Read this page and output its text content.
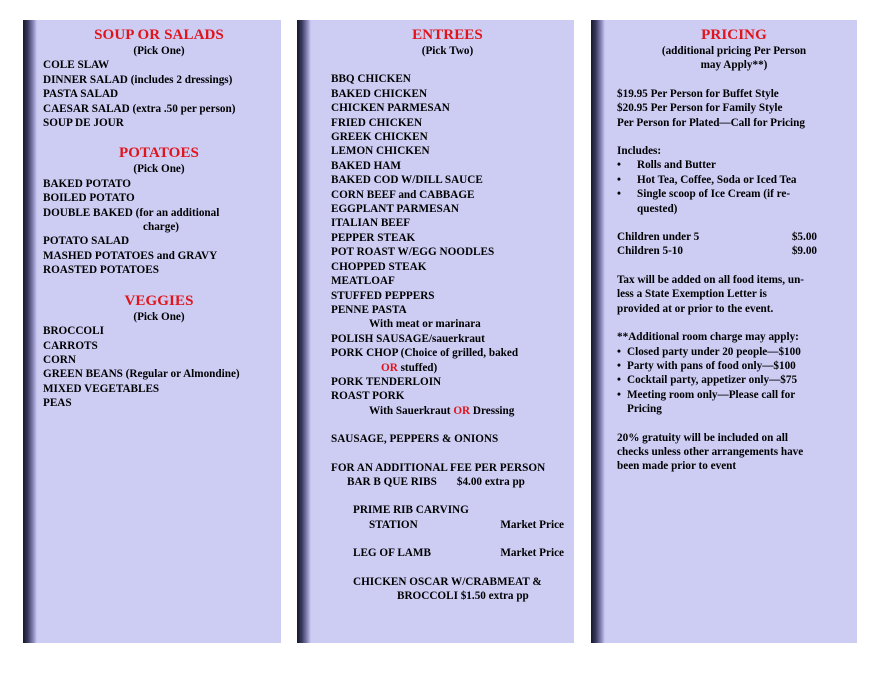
SOUP OR SALADS
(Pick One)
COLE SLAW
DINNER SALAD (includes 2 dressings)
PASTA SALAD
CAESAR SALAD (extra .50 per person)
SOUP DE JOUR
POTATOES
(Pick One)
BAKED POTATO
BOILED POTATO
DOUBLE BAKED (for an additional
charge)
POTATO SALAD
MASHED POTATOES and GRAVY
ROASTED POTATOES
VEGGIES
(Pick One)
BROCCOLI
CARROTS
CORN
GREEN BEANS (Regular or Almondine)
MIXED VEGETABLES
PEAS
ENTREES
(Pick Two)
BBQ CHICKEN
BAKED CHICKEN
CHICKEN PARMESAN
FRIED CHICKEN
GREEK CHICKEN
LEMON CHICKEN
BAKED HAM
BAKED COD W/DILL SAUCE
CORN BEEF and CABBAGE
EGGPLANT PARMESAN
ITALIAN BEEF
PEPPER STEAK
POT ROAST W/EGG NOODLES
CHOPPED STEAK
MEATLOAF
STUFFED PEPPERS
PENNE PASTA
With meat or marinara
POLISH SAUSAGE/sauerkraut
PORK CHOP (Choice of grilled, baked
OR stuffed)
PORK TENDERLOIN
ROAST PORK
With Sauerkraut OR Dressing
SAUSAGE, PEPPERS & ONIONS
FOR AN ADDITIONAL FEE PER PERSON
BAR B QUE RIBS	$4.00 extra pp
PRIME RIB CARVING
STATION	Market Price
LEG OF LAMB	Market Price
CHICKEN OSCAR W/CRABMEAT &
BROCCOLI $1.50 extra pp
PRICING
(additional pricing Per Person
may Apply**)
$19.95 Per Person for Buffet Style
$20.95 Per Person for Family Style
Per Person for Plated—Call for Pricing
Includes:
•	Rolls and Butter
•	Hot Tea, Coffee, Soda or Iced Tea
•	Single scoop of Ice Cream (if re-
quested)
Children under 5	$5.00
Children 5-10	$9.00
Tax will be added on all food items, un-
less a State Exemption Letter is
provided at or prior to the event.
**Additional room charge may apply:
• Closed party under 20 people—$100
• Party with pans of food only—$100
• Cocktail party, appetizer only—$75
• Meeting room only—Please call for
Pricing
20% gratuity will be included on all
checks unless other arrangements have
been made prior to event
